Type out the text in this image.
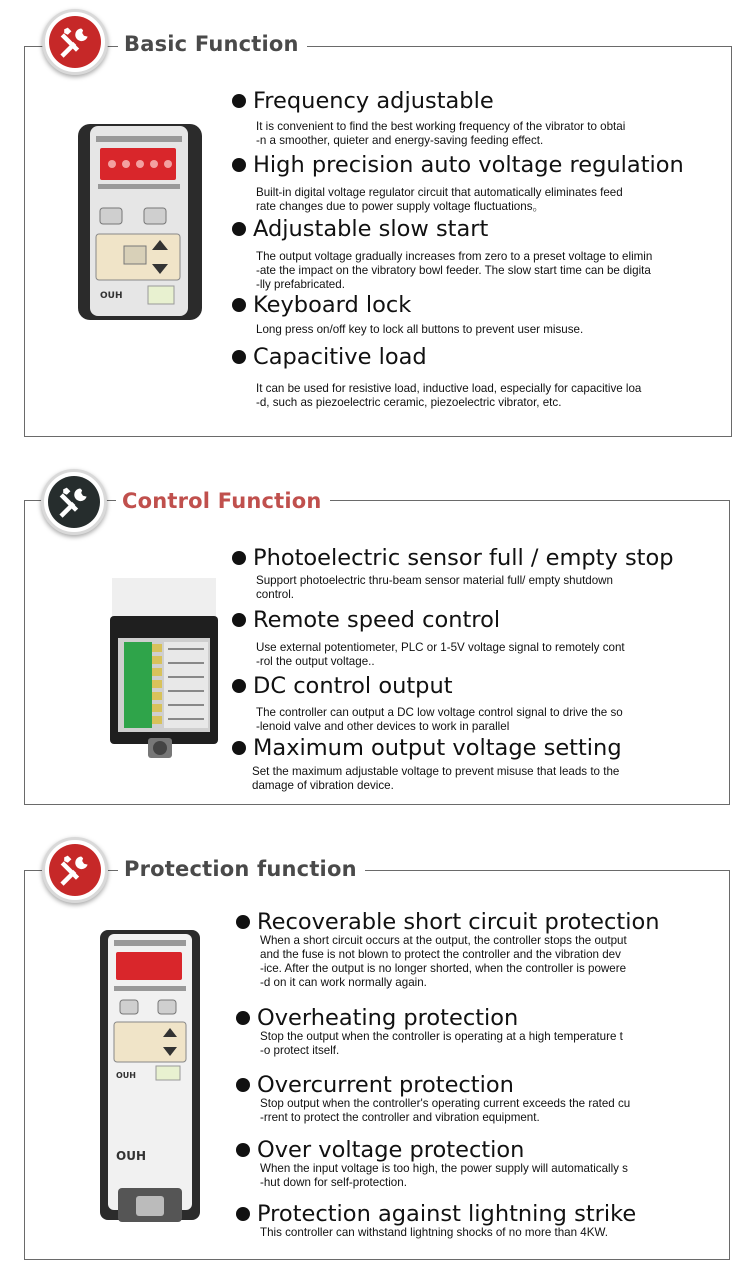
Basic Function
OUH
Frequency adjustable
It is convenient to find the best working frequency of the vibrator to obtai
-n a smoother, quieter and energy-saving feeding effect.
High precision auto voltage regulation
Built-in digital voltage regulator circuit that automatically eliminates feed
rate changes due to power supply voltage fluctuations。
Adjustable slow start
The output voltage gradually increases from zero to a preset voltage to elimin
-ate the impact on the vibratory bowl feeder. The slow start time can be digita
-lly prefabricated.
Keyboard lock
Long press on/off key to lock all buttons to prevent user misuse.
Capacitive load
It can be used for resistive load, inductive load, especially for capacitive loa
-d, such as piezoelectric ceramic, piezoelectric vibrator, etc.
Control Function
Photoelectric sensor full / empty stop
Support photoelectric thru-beam sensor material full/ empty shutdown
control.
Remote speed control
Use external potentiometer, PLC or 1-5V voltage signal to remotely cont
-rol the output voltage..
DC control output
The controller can output a DC low voltage control signal to drive the so
-lenoid valve and other devices to work in parallel
Maximum output voltage setting
Set the maximum adjustable voltage to prevent misuse that leads to the
damage of vibration device.
Protection function
OUH
OUH
Recoverable short circuit protection
When a short circuit occurs at the output, the controller stops the output
and the fuse is not blown to protect the controller and the vibration dev
-ice. After the output is no longer shorted, when the controller is powere
-d on it can work normally again.
Overheating protection
Stop the output when the controller is operating at a high temperature t
-o protect itself.
Overcurrent protection
Stop output when the controller's operating current exceeds the rated cu
-rrent to protect the controller and vibration equipment.
Over voltage protection
When the input voltage is too high, the power supply will automatically s
-hut down for self-protection.
Protection against lightning strike
This controller can withstand lightning shocks of no more than 4KW.
